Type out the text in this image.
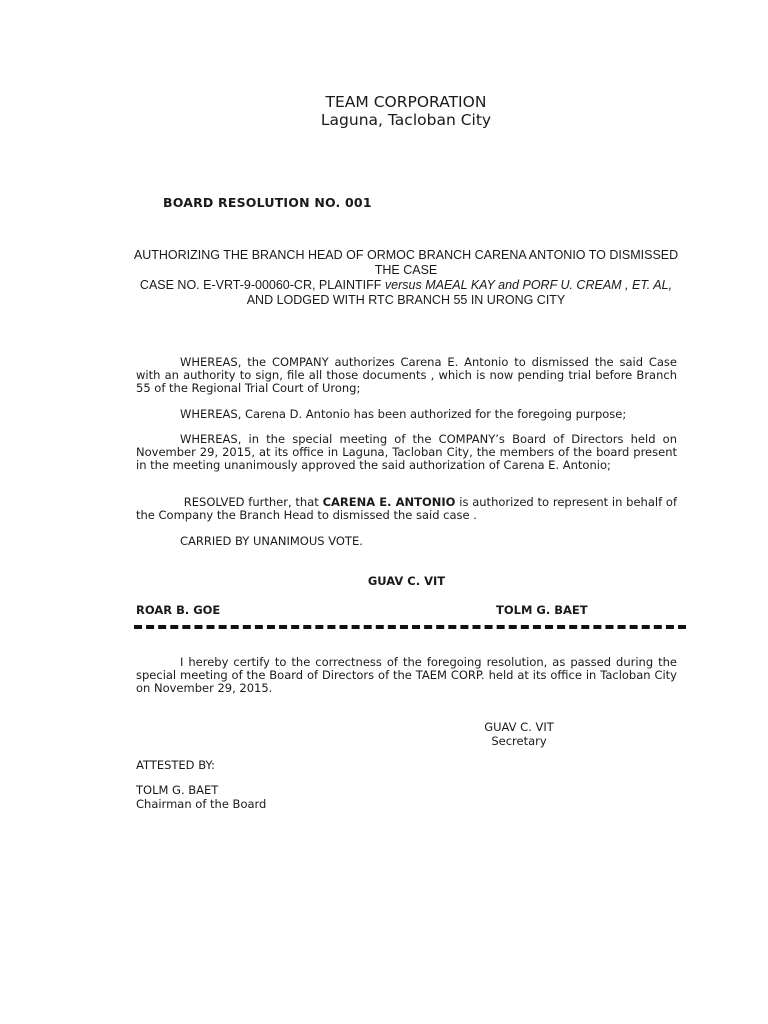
TEAM CORPORATION

Laguna, Tacloban City

BOARD RESOLUTION NO. 001

AUTHORIZING THE BRANCH HEAD OF ORMOC BRANCH CARENA ANTONIO TO DISMISSED THE CASE
CASE NO. E-VRT-9-00060-CR, PLAINTIFF versus MAEAL KAY and PORF U. CREAM , ET. AL,
AND LODGED WITH RTC BRANCH 55 IN URONG CITY

WHEREAS, the COMPANY authorizes Carena E. Antonio to dismissed the said Case with an authority to sign, file all those documents , which is now pending trial before Branch 55 of the Regional Trial Court of Urong;

WHEREAS, Carena D. Antonio has been authorized for the foregoing purpose;

WHEREAS, in the special meeting of the COMPANY’s Board of Directors held on November 29, 2015, at its office in Laguna, Tacloban City, the members of the board present in the meeting unanimously approved the said authorization of Carena E. Antonio;

RESOLVED further, that CARENA E. ANTONIO is authorized to represent in behalf of the Company the Branch Head to dismissed the said case .

CARRIED BY UNANIMOUS VOTE.

GUAV C. VIT

ROAR B. GOE	TOLM G. BAET

I hereby certify to the correctness of the foregoing resolution, as passed during the special meeting of the Board of Directors of the TAEM CORP. held at its office in Tacloban City on November 29, 2015.

GUAV C. VIT
Secretary

ATTESTED BY:

TOLM G. BAET
Chairman of the Board
